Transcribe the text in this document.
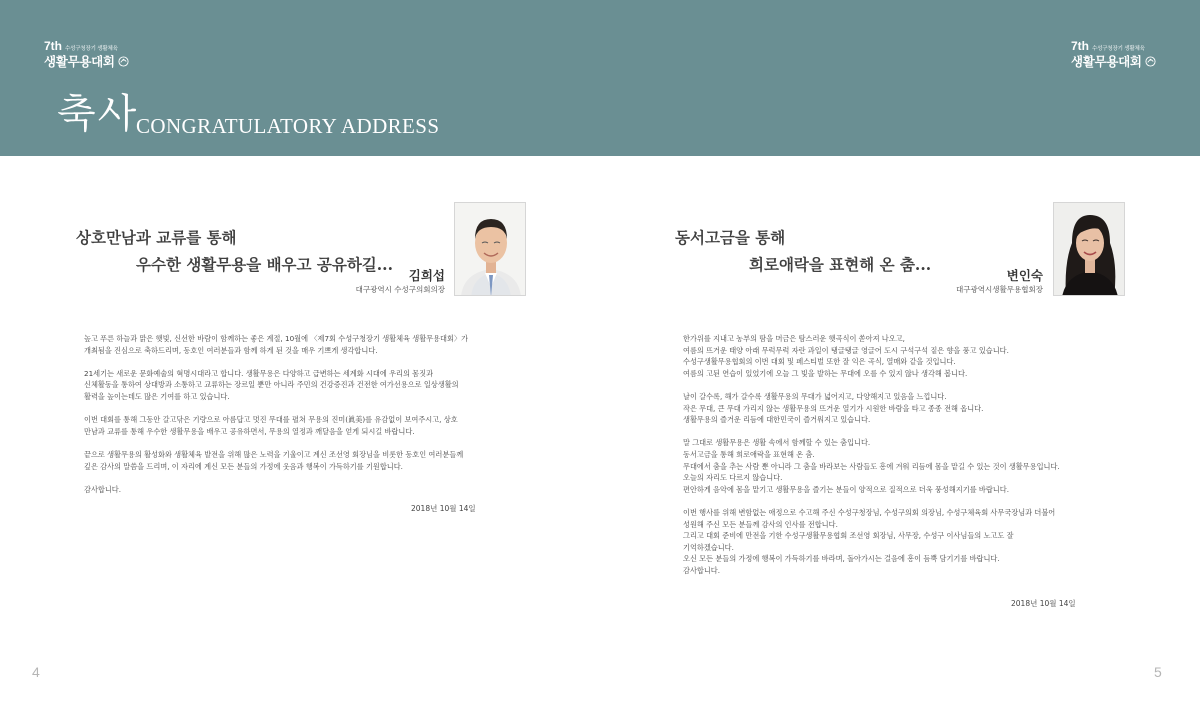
7th 수성구청장기 생활체육
생활무용대회
7th 수성구청장기 생활체육
생활무용대회
축사
CONGRATULATORY ADDRESS
상호만남과 교류를 통해
우수한 생활무용을 배우고 공유하길...
김희섭
대구광역시 수성구의회의장

높고 푸른 하늘과 맑은 햇빛, 신선한 바람이 함께하는 좋은 계절, 10월에 〈제7회 수성구청장기 생활체육 생활무용대회〉가
개최됨을 진심으로 축하드리며, 동호인 여러분들과 함께 하게 된 것을 매우 기쁘게 생각합니다.

21세기는 새로운 문화예술의 혁명시대라고 합니다. 생활무용은 다양하고 급변하는 세계화 시대에 우리의 몸짓과
신체활동을 통하여 상대방과 소통하고 교류하는 장르일 뿐만 아니라 주민의 건강증진과 건전한 여가선용으로 일상생활의
활력을 높이는데도 많은 기여를 하고 있습니다.

이번 대회를 통해 그동안 갈고닦은 기량으로 아름답고 멋진 무대를 펼쳐 무용의 진미(眞美)를 유감없이 보여주시고, 상호
만남과 교류를 통해 우수한 생활무용을 배우고 공유하면서, 무용의 열정과 깨달음을 얻게 되시길 바랍니다.

끝으로 생활무용의 활성화와 생활체육 발전을 위해 많은 노력을 기울이고 계신 조선영 회장님을 비롯한 동호인 여러분들께
깊은 감사의 말씀을 드리며, 이 자리에 계신 모든 분들의 가정에 웃음과 행복이 가득하기를 기원합니다.

감사합니다.

2018년 10월 14일
4
동서고금을 통해
희로애락을 표현해 온 춤...
변인숙
대구광역시생활무용협회장

한가위를 지내고 농부의 땀을 머금은 탐스러운 햇곡식이 쏟아져 나오고,
여름의 뜨거운 태양 아래 무럭무럭 자란 과일이 탱글탱글 영글어 도시 구석구석 짙은 향을 풍고 있습니다.
수성구생활무용협회의 이번 대회 및 페스티벌 또한 잘 익은 곡식, 열매와 같을 것입니다.
여름의 고된 연습이 있었기에 오늘 그 빛을 발하는 무대에 오를 수 있지 않나 생각해 봅니다.

날이 갈수록, 해가 갈수록 생활무용의 무대가 넓어지고, 다양해지고 있음을 느낍니다.
작은 무대, 큰 무대 가리지 않는 생활무용의 뜨거운 열기가 시원한 바람을 타고 종종 전해 옵니다.
생활무용의 즐거운 리듬에 대한민국이 즐거워지고 있습니다.

말 그대로 생활무용은 생활 속에서 함께할 수 있는 춤입니다.
동서고금을 통해 희로애락을 표현해 온 춤.
무대에서 춤을 추는 사람 뿐 아니라 그 춤을 바라보는 사람들도 흥에 겨워 리듬에 몸을 맡길 수 있는 것이 생활무용입니다.
오늘의 자리도 다르지 않습니다.
편안하게 음악에 몸을 맡기고 생활무용을 즐기는 분들이 양적으로 질적으로 더욱 풍성해지기를 바랍니다.

이번 행사를 위해 변함없는 애정으로 수고해 주신 수성구청장님, 수성구의회 의장님, 수성구체육회 사무국장님과 더불어
성원해 주신 모든 분들께 감사의 인사를 전합니다.
그리고 대회 준비에 만전을 기한 수성구생활무용협회 조선영 회장님, 사무장, 수성구 이사님들의 노고도 잘
기억하겠습니다.
오신 모든 분들의 가정에 행복이 가득하기를 바라며, 돌아가시는 걸음에 흥이 듬뿍 담기기를 바랍니다.
감사합니다.

2018년 10월 14일
5
